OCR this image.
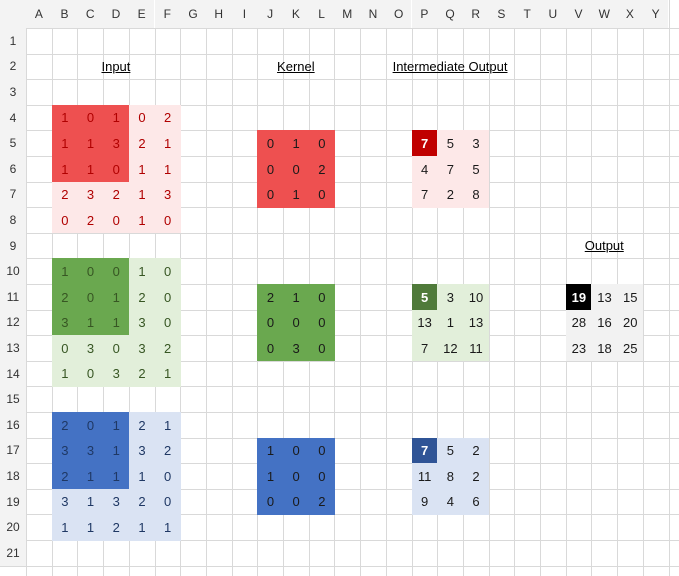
A	B	C	D	E	F	G	H	I	J	K	L	M	N	O	P	Q	R	S	T	U	V	W	X	Y
1
2
3
4
5
6
7
8
9
10
11
12
13
14
15
16
17
18
19
20
21
1	0	1	0	2
1	1	3	2	1
1	1	0	1	1
2	3	2	1	3
0	2	0	1	0
0	1	0
0	0	2
0	1	0
7	5	3
4	7	5
7	2	8
1	0	0	1	0
2	0	1	2	0
3	1	1	3	0
0	3	0	3	2
1	0	3	2	1
2	1	0
0	0	0
0	3	0
5	3	10
13	1	13
7	12 11
2	0	1	2	1
3	3	1	3	2
2	1	1	1	0
3	1	3	2	0
1	1	2	1	1
1	0	0
1	0	0
0	0	2
7	5	2
11	8	2
9	4	6
19 13 15
28 16 20
23 18 25
Input	Kernel	Intermediate Output
Output
